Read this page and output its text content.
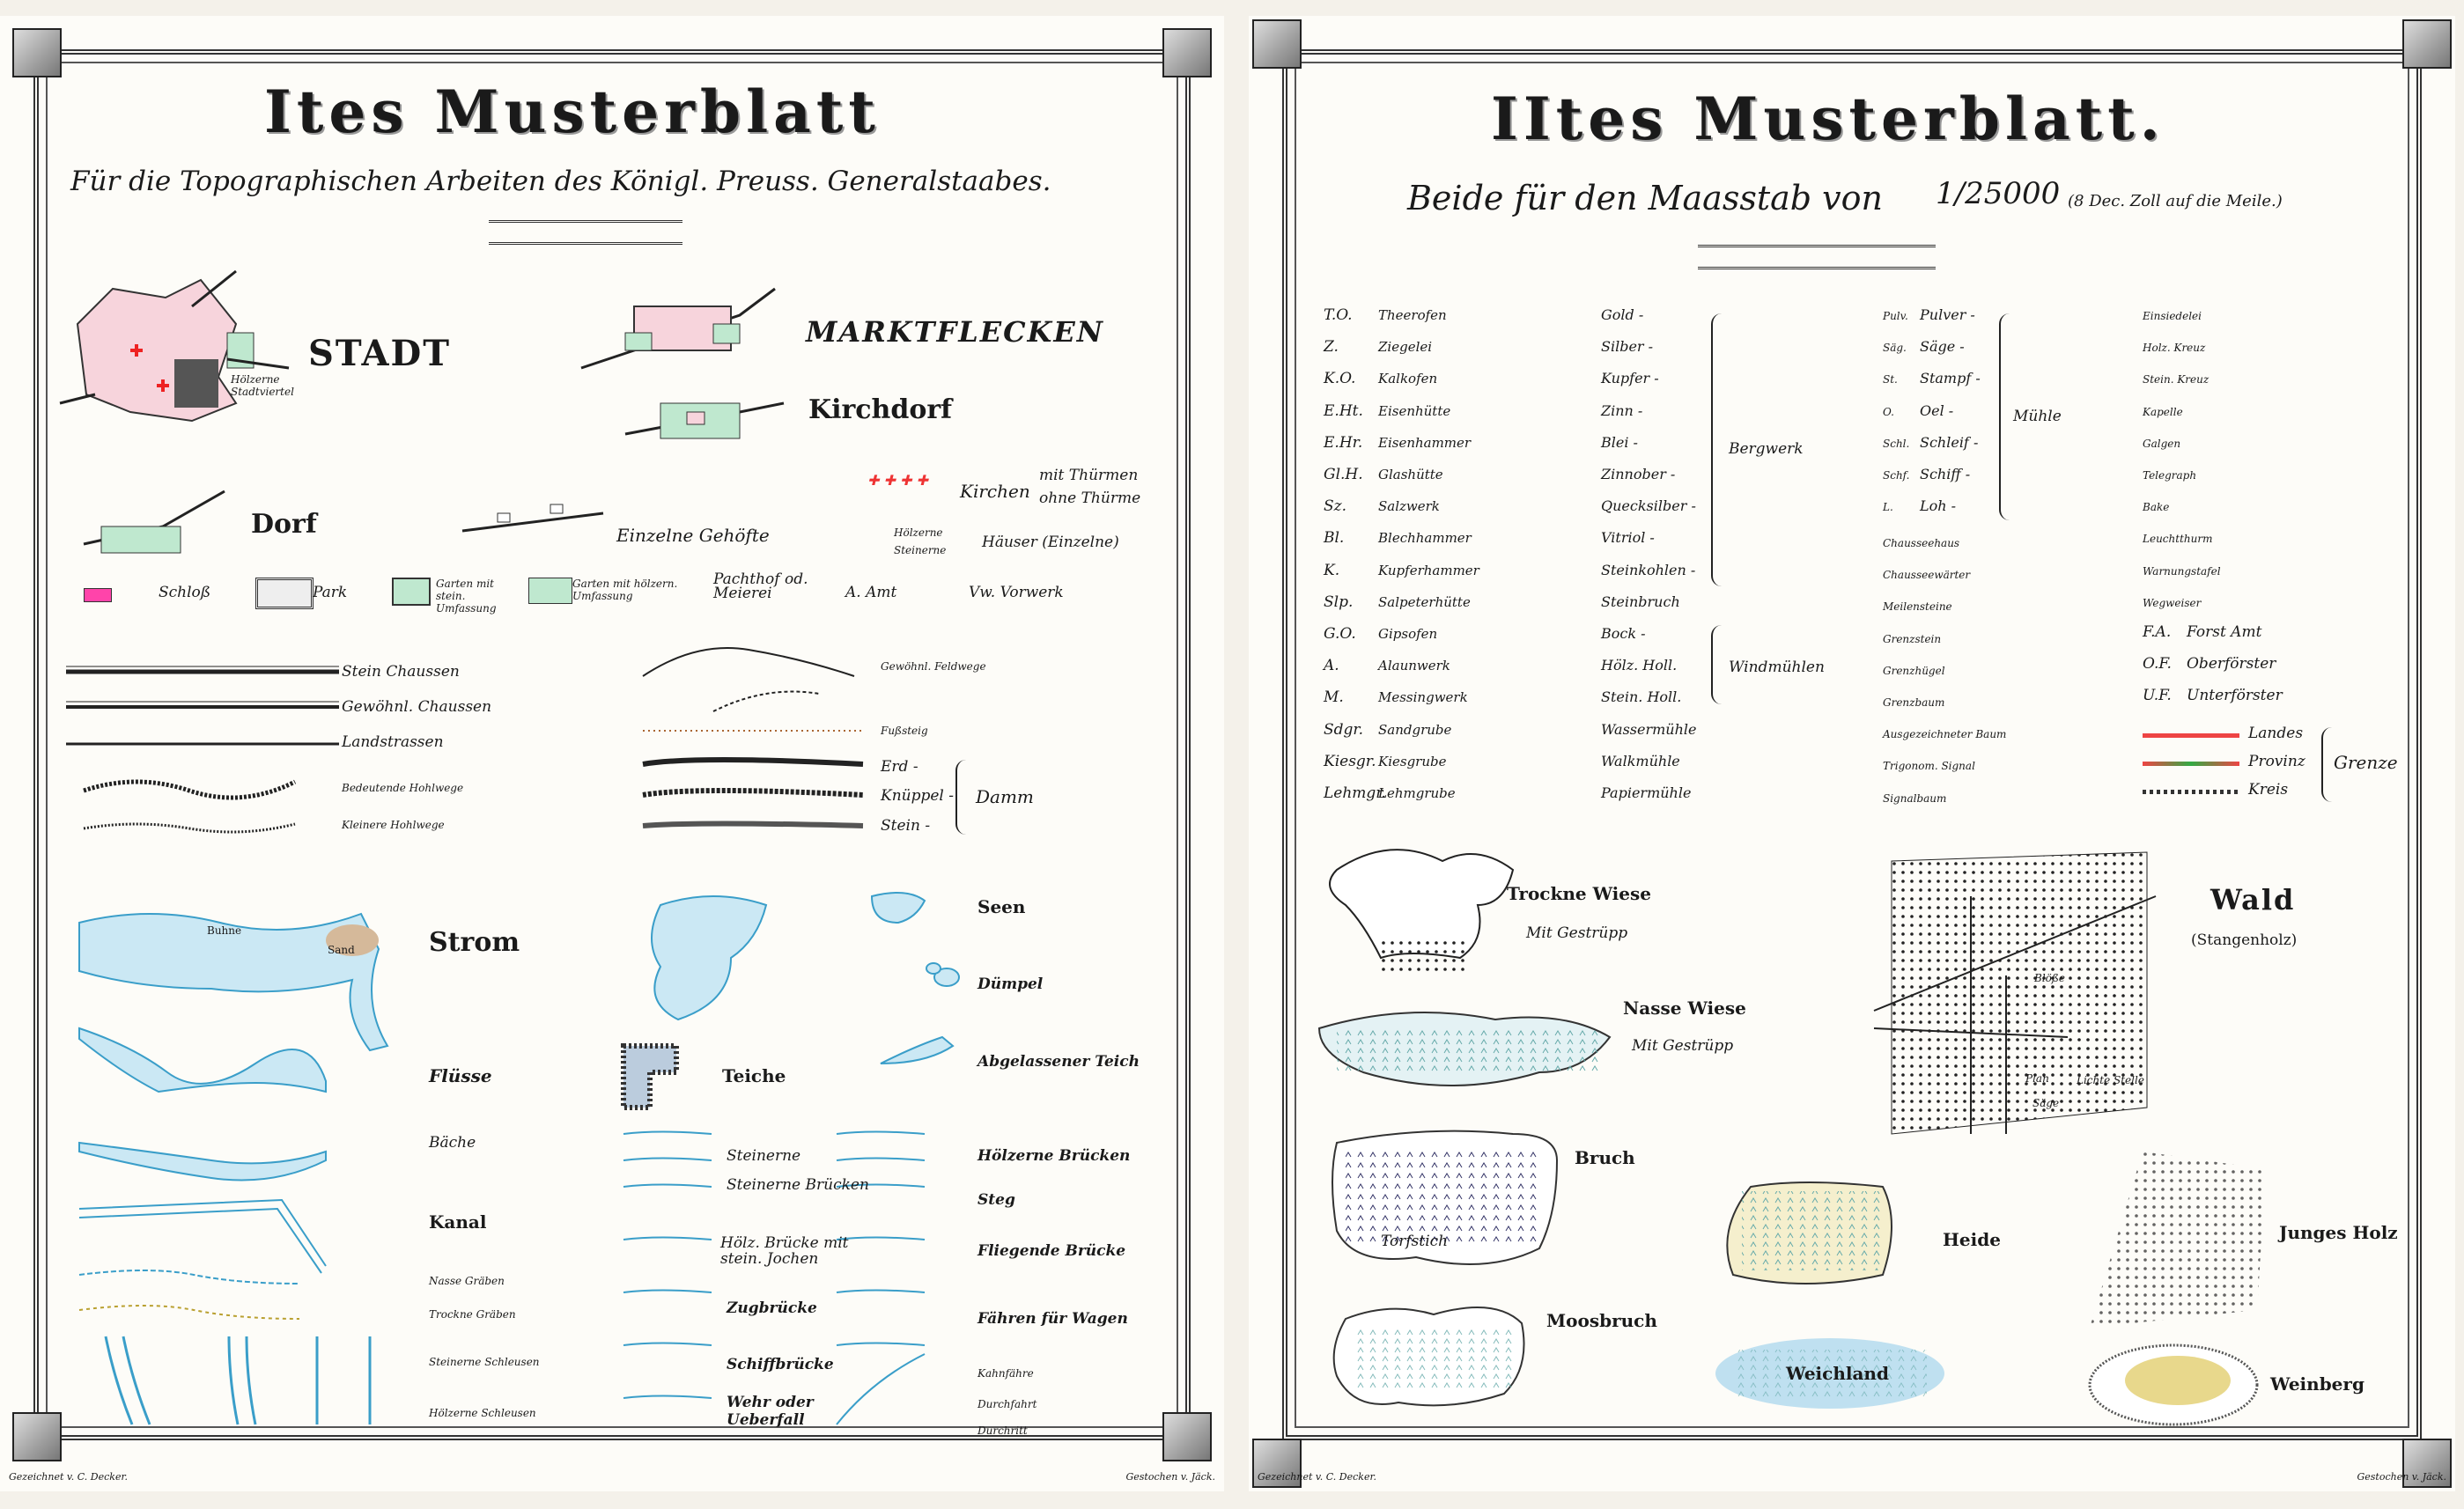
Ites Musterblatt
Für die Topographischen Arbeiten des Königl. Preuss. Generalstaabes.
Hölzerne Stadtviertel
STADT
MARKTFLECKEN
Kirchdorf
Dorf	Einzelne Gehöfte
✚ ✚ ✚ ✚
Kirchen
mit Thürmen
ohne Thürme
Hölzerne
Steinerne Häuser (Einzelne)
Schloß	Park	Garten mit stein. Umfassung
Garten mit hölzern. Umfassung
Pachthof od. Meierei	A. Amt	Vw. Vorwerk
Stein Chaussen
Gewöhnl. Chaussen
Landstrassen
Bedeutende Hohlwege
Kleinere Hohlwege
Gewöhnl. Feldwege
Fußsteig
Erd -
Knüppel -
Stein -
Damm
Buhne
Sand	Strom
Flüsse
Bäche
Kanal
Nasse Gräben
Trockne Gräben
Steinerne Schleusen
Hölzerne Schleusen
Seen
Dümpel
Teiche
Abgelassener Teich
Steinerne
Steinerne Brücken
Hölzerne Brücken
Steg
Hölz. Brücke mit stein. Jochen	Fliegende Brücke
Zugbrücke
Fähren für Wagen
Schiffbrücke	Kahnfähre
Wehr oder Ueberfall
Durchfahrt
Durchritt
Gezeichnet v. C. Decker.	Gestochen v. Jäck.
IItes Musterblatt.
Beide für den Maasstab von 1/25000 (8 Dec. Zoll auf die Meile.)
T.O. Theerofen
Z.	Ziegelei
K.O. Kalkofen
E.Ht. Eisenhütte
E.Hr. Eisenhammer
Gl.H. Glashütte
Sz. Salzwerk
Bl.	Blechhammer
K.	Kupferhammer
Slp. Salpeterhütte
G.O. Gipsofen
A.	Alaunwerk
M.	Messingwerk
Sdgr. Sandgrube
Kiesgr. Kiesgrube
Lehmgr.Lehmgrube
Gold -
Silber -
Kupfer -
Zinn -
Blei -
Zinnober -
Quecksilber -
Vitriol -
Steinkohlen -
Steinbruch
Bock -
Hölz. Holl.
Stein. Holl.
Wassermühle
Walkmühle
Papiermühle
Bergwerk
Windmühlen
Pulv. Pulver -
Säg. Säge -
St. Stampf -
O. Oel -
Schl. Schleif -
Schf. Schiff -
L. Loh -
Mühle
Chausseehaus
Chausseewärter
Meilensteine
Grenzstein
Grenzhügel
Grenzbaum
Ausgezeichneter Baum
Trigonom. Signal
Signalbaum
Einsiedelei
Holz. Kreuz
Stein. Kreuz
Kapelle
Galgen
Telegraph
Bake
Leuchtthurm
Warnungstafel
Wegweiser
F.A. Forst Amt
O.F. Oberförster
U.F. Unterförster
Landes
Provinz
Kreis
Grenze
Trockne Wiese
Mit Gestrüpp
Nasse Wiese
Mit Gestrüpp
Bruch
Torfstich
Moosbruch
Heide
Weichland
Wald
(Stangenholz)
Blöße
Plan
Säge
Lichte Stelle
Junges Holz
Weinberg
Gezeichnet v. C. Decker.	Gestochen v. Jäck.
